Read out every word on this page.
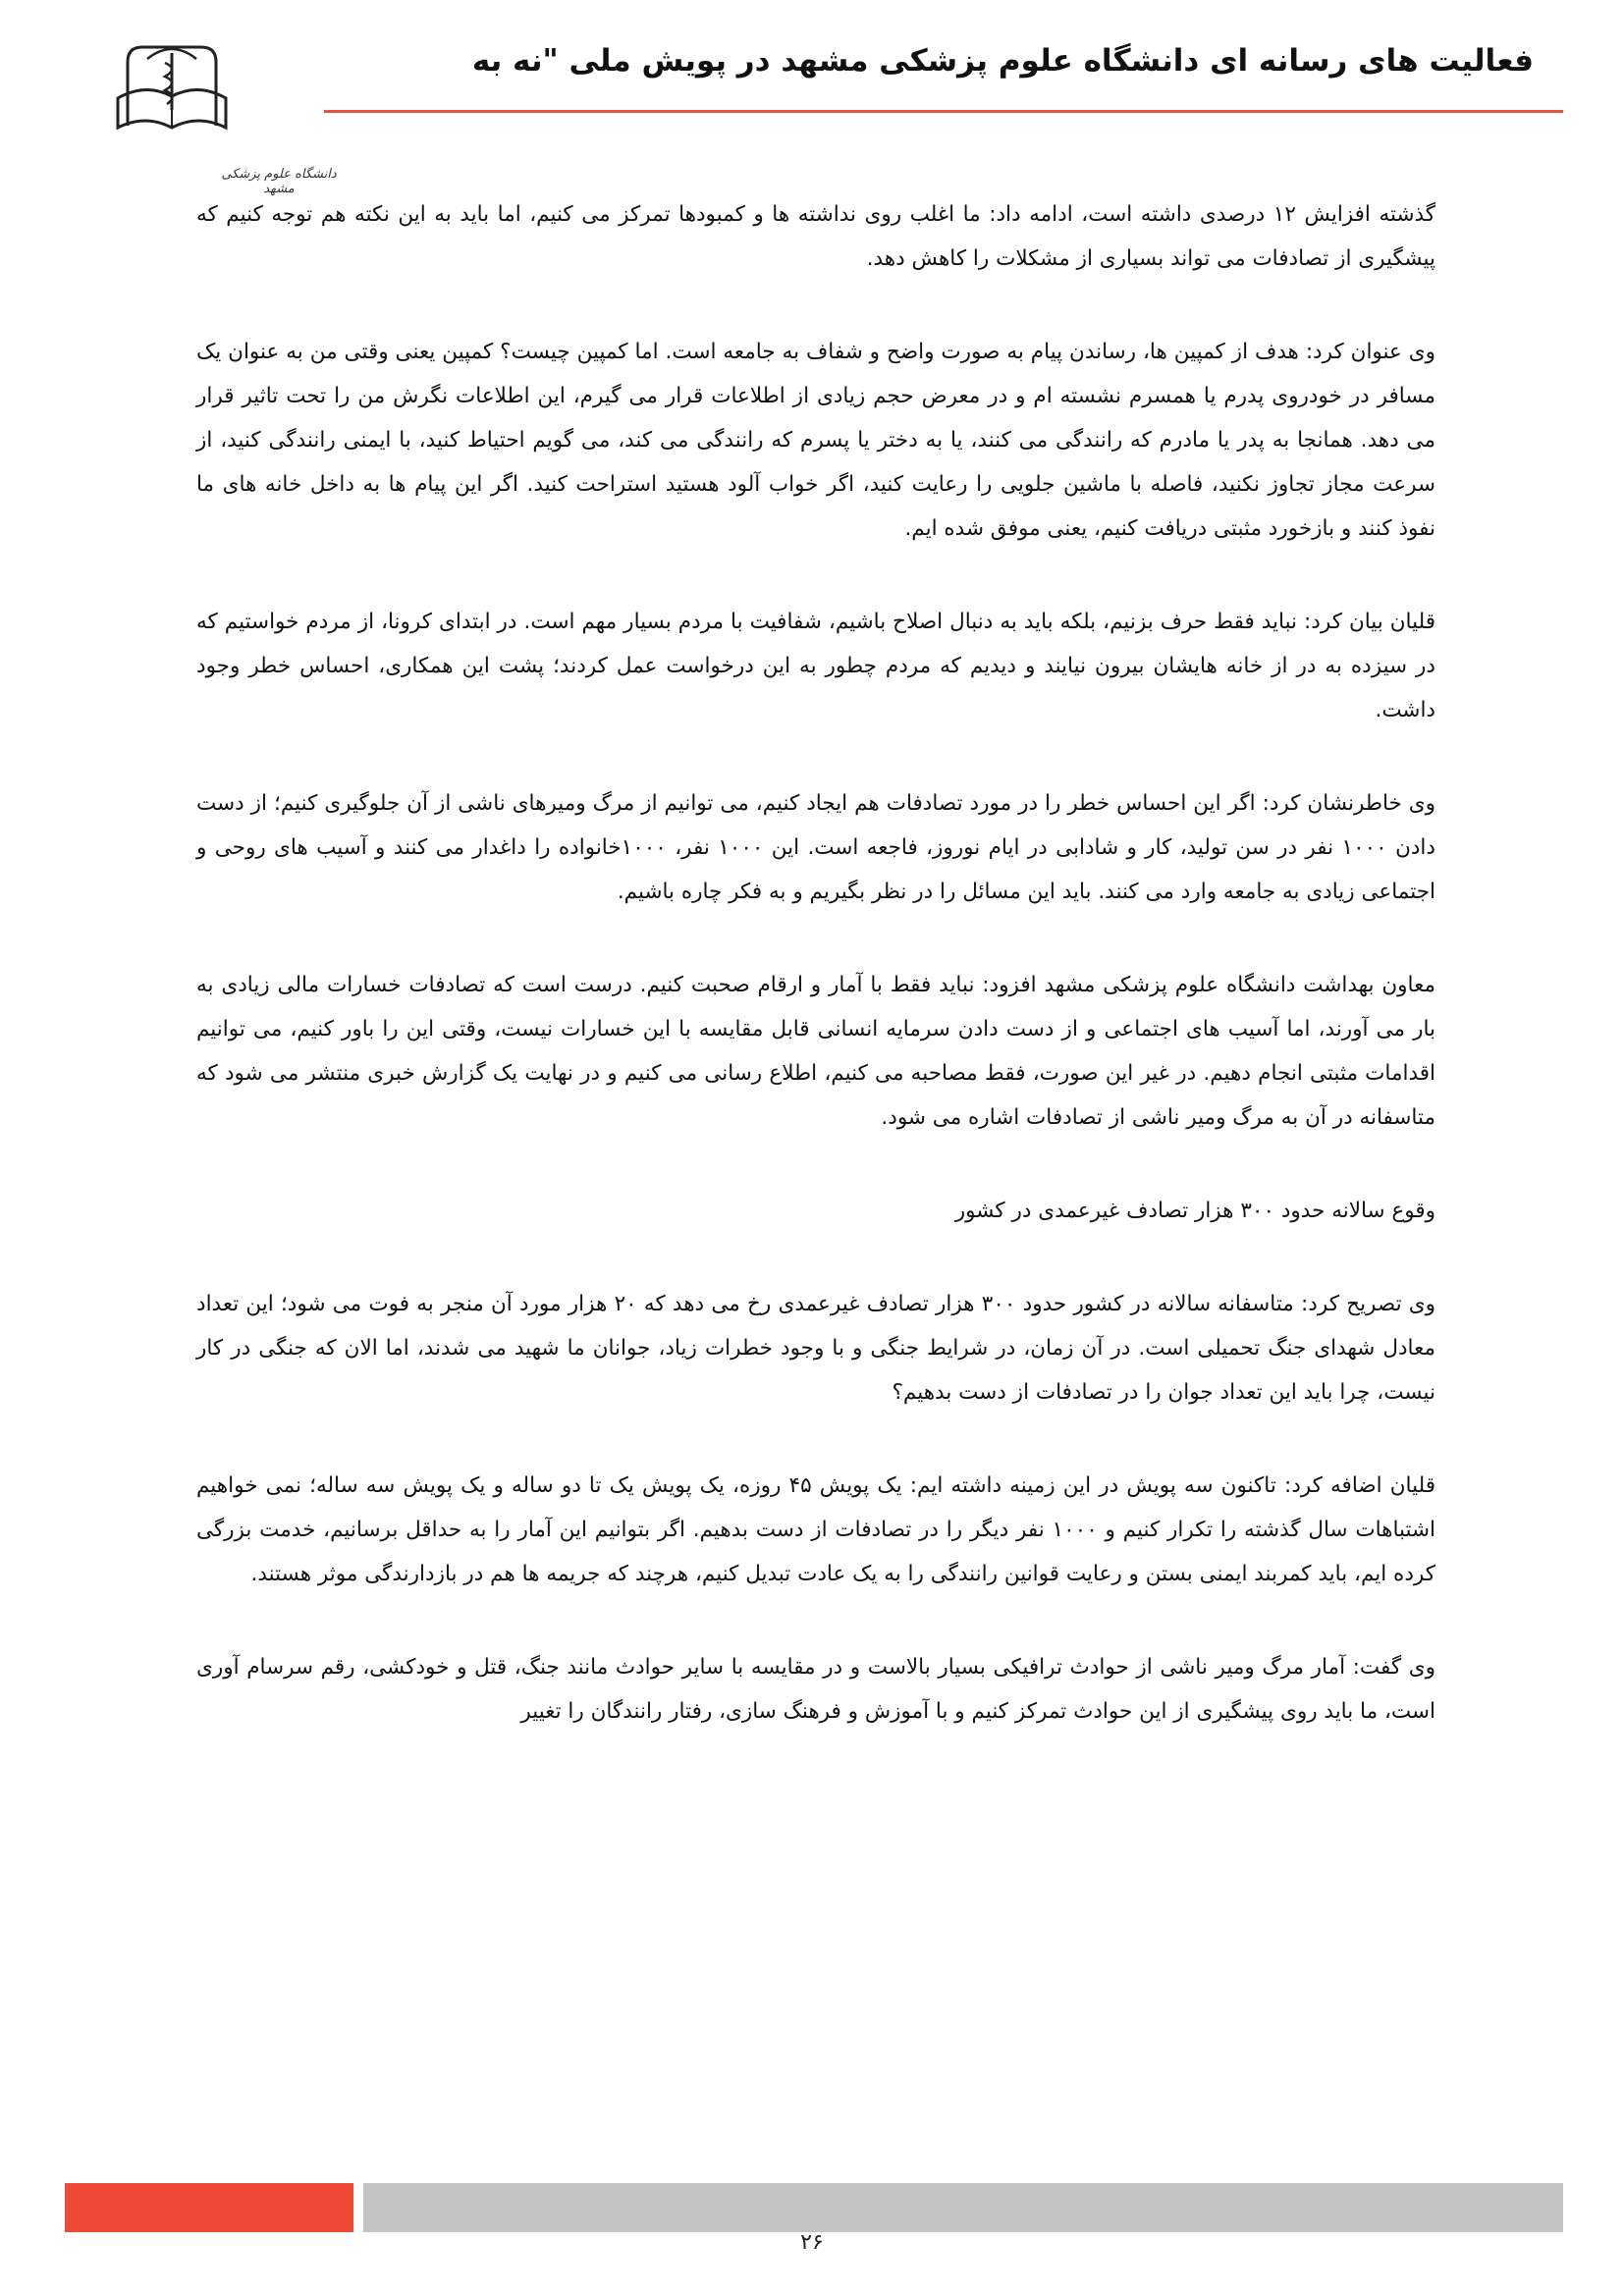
دانشگاه علوم پزشکی مشهد
فعالیت های رسانه ای دانشگاه علوم پزشکی مشهد در پویش ملی "نه به

گذشته افزایش ۱۲ درصدی داشته است، ادامه داد: ما اغلب روی نداشته ها و کمبودها تمرکز می کنیم، اما باید به این نکته هم توجه کنیم که پیشگیری از تصادفات می تواند بسیاری از مشکلات را کاهش دهد.

وی عنوان کرد: هدف از کمپین ها، رساندن پیام به صورت واضح و شفاف به جامعه است. اما کمپین چیست؟ کمپین یعنی وقتی من به عنوان یک مسافر در خودروی پدرم یا همسرم نشسته ام و در معرض حجم زیادی از اطلاعات قرار می گیرم، این اطلاعات نگرش من را تحت تاثیر قرار می دهد. همانجا به پدر یا مادرم که رانندگی می کنند، یا به دختر یا پسرم که رانندگی می کند، می گویم احتیاط کنید، با ایمنی رانندگی کنید، از سرعت مجاز تجاوز نکنید، فاصله با ماشین جلویی را رعایت کنید، اگر خواب آلود هستید استراحت کنید. اگر این پیام ها به داخل خانه های ما نفوذ کنند و بازخورد مثبتی دریافت کنیم، یعنی موفق شده ایم.

قلیان بیان کرد: نباید فقط حرف بزنیم، بلکه باید به دنبال اصلاح باشیم، شفافیت با مردم بسیار مهم است. در ابتدای کرونا، از مردم خواستیم که در سیزده به در از خانه هایشان بیرون نیایند و دیدیم که مردم چطور به این درخواست عمل کردند؛ پشت این همکاری، احساس خطر وجود داشت.

وی خاطرنشان کرد: اگر این احساس خطر را در مورد تصادفات هم ایجاد کنیم، می توانیم از مرگ ومیرهای ناشی از آن جلوگیری کنیم؛ از دست دادن ۱۰۰۰ نفر در سن تولید، کار و شادابی در ایام نوروز، فاجعه است. این ۱۰۰۰ نفر، ۱۰۰۰خانواده را داغدار می کنند و آسیب های روحی و اجتماعی زیادی به جامعه وارد می کنند. باید این مسائل را در نظر بگیریم و به فکر چاره باشیم.

معاون بهداشت دانشگاه علوم پزشکی مشهد افزود: نباید فقط با آمار و ارقام صحبت کنیم. درست است که تصادفات خسارات مالی زیادی به بار می آورند، اما آسیب های اجتماعی و از دست دادن سرمایه انسانی قابل مقایسه با این خسارات نیست، وقتی این را باور کنیم، می توانیم اقدامات مثبتی انجام دهیم. در غیر این صورت، فقط مصاحبه می کنیم، اطلاع رسانی می کنیم و در نهایت یک گزارش خبری منتشر می شود که متاسفانه در آن به مرگ ومیر ناشی از تصادفات اشاره می شود.

وقوع سالانه حدود ۳۰۰ هزار تصادف غیرعمدی در کشور

وی تصریح کرد: متاسفانه سالانه در کشور حدود ۳۰۰ هزار تصادف غیرعمدی رخ می دهد که ۲۰ هزار مورد آن منجر به فوت می شود؛ این تعداد معادل شهدای جنگ تحمیلی است. در آن زمان، در شرایط جنگی و با وجود خطرات زیاد، جوانان ما شهید می شدند، اما الان که جنگی در کار نیست، چرا باید این تعداد جوان را در تصادفات از دست بدهیم؟

قلیان اضافه کرد: تاکنون سه پویش در این زمینه داشته ایم: یک پویش ۴۵ روزه، یک پویش یک تا دو ساله و یک پویش سه ساله؛ نمی خواهیم اشتباهات سال گذشته را تکرار کنیم و ۱۰۰۰ نفر دیگر را در تصادفات از دست بدهیم. اگر بتوانیم این آمار را به حداقل برسانیم، خدمت بزرگی کرده ایم، باید کمربند ایمنی بستن و رعایت قوانین رانندگی را به یک عادت تبدیل کنیم، هرچند که جریمه ها هم در بازدارندگی موثر هستند.

وی گفت: آمار مرگ ومیر ناشی از حوادث ترافیکی بسیار بالاست و در مقایسه با سایر حوادث مانند جنگ، قتل و خودکشی، رقم سرسام آوری است، ما باید روی پیشگیری از این حوادث تمرکز کنیم و با آموزش و فرهنگ سازی، رفتار رانندگان را تغییر

۲۶
